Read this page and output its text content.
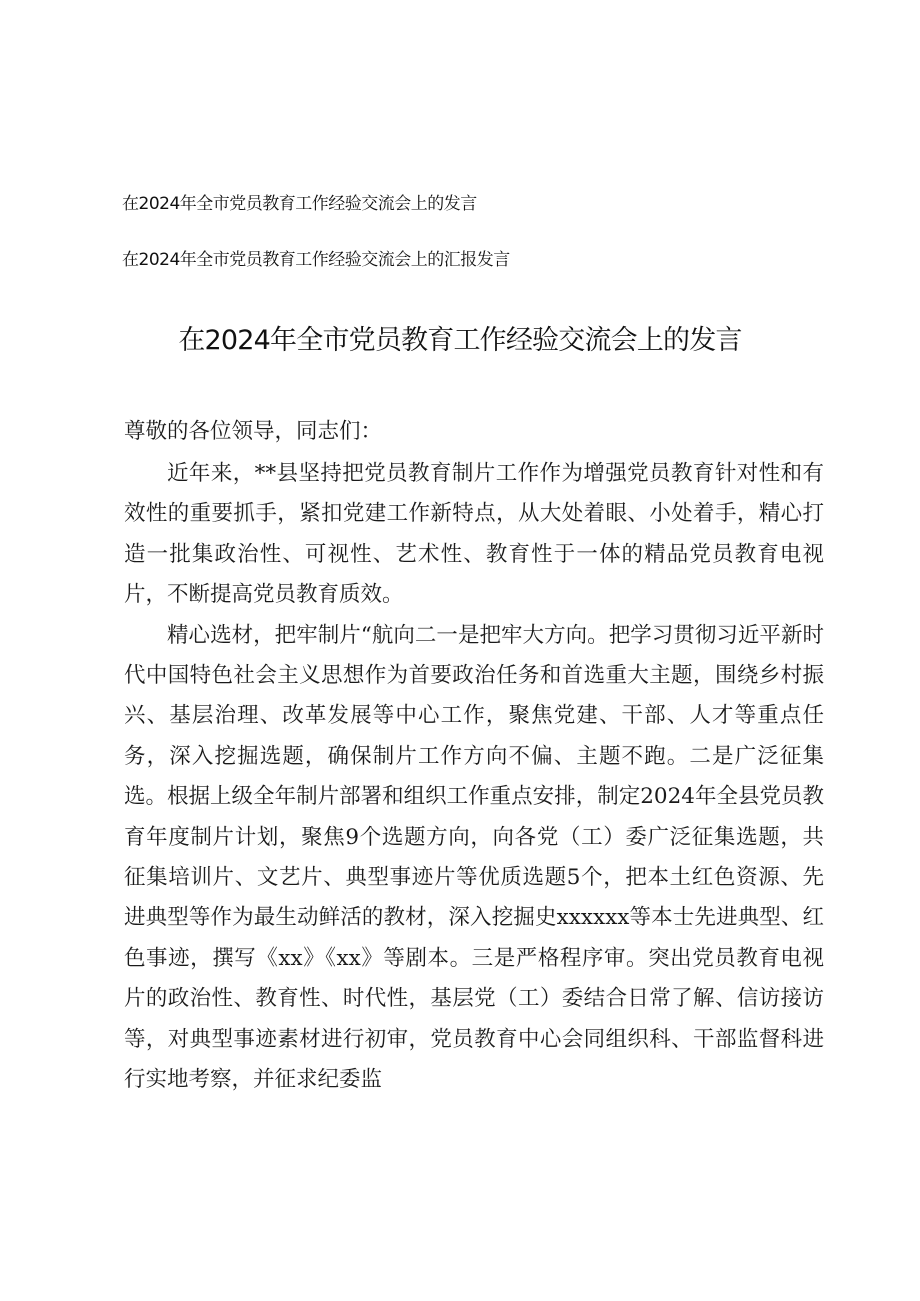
在2024年全市党员教育工作经验交流会上的发言
在2024年全市党员教育工作经验交流会上的汇报发言
在2024年全市党员教育工作经验交流会上的发言

尊敬的各位领导，同志们：

近年来，**县坚持把党员教育制片工作作为增强党员教育针对性和有效性的重要抓手，紧扣党建工作新特点，从大处着眼、小处着手，精心打造一批集政治性、可视性、艺术性、教育性于一体的精品党员教育电视片，不断提高党员教育质效。

精心选材，把牢制片“航向二一是把牢大方向。把学习贯彻习近平新时代中国特色社会主义思想作为首要政治任务和首选重大主题，围绕乡村振兴、基层治理、改革发展等中心工作，聚焦党建、干部、人才等重点任务，深入挖掘选题，确保制片工作方向不偏、主题不跑。二是广泛征集选。根据上级全年制片部署和组织工作重点安排，制定2024年全县党员教育年度制片计划，聚焦9个选题方向，向各党（工）委广泛征集选题，共征集培训片、文艺片、典型事迹片等优质选题5个，把本土红色资源、先进典型等作为最生动鲜活的教材，深入挖掘史xxxxxx等本士先进典型、红色事迹，撰写《xx》《xx》等剧本。三是严格程序审。突出党员教育电视片的政治性、教育性、时代性，基层党（工）委结合日常了解、信访接访等，对典型事迹素材进行初审，党员教育中心会同组织科、干部监督科进行实地考察，并征求纪委监
